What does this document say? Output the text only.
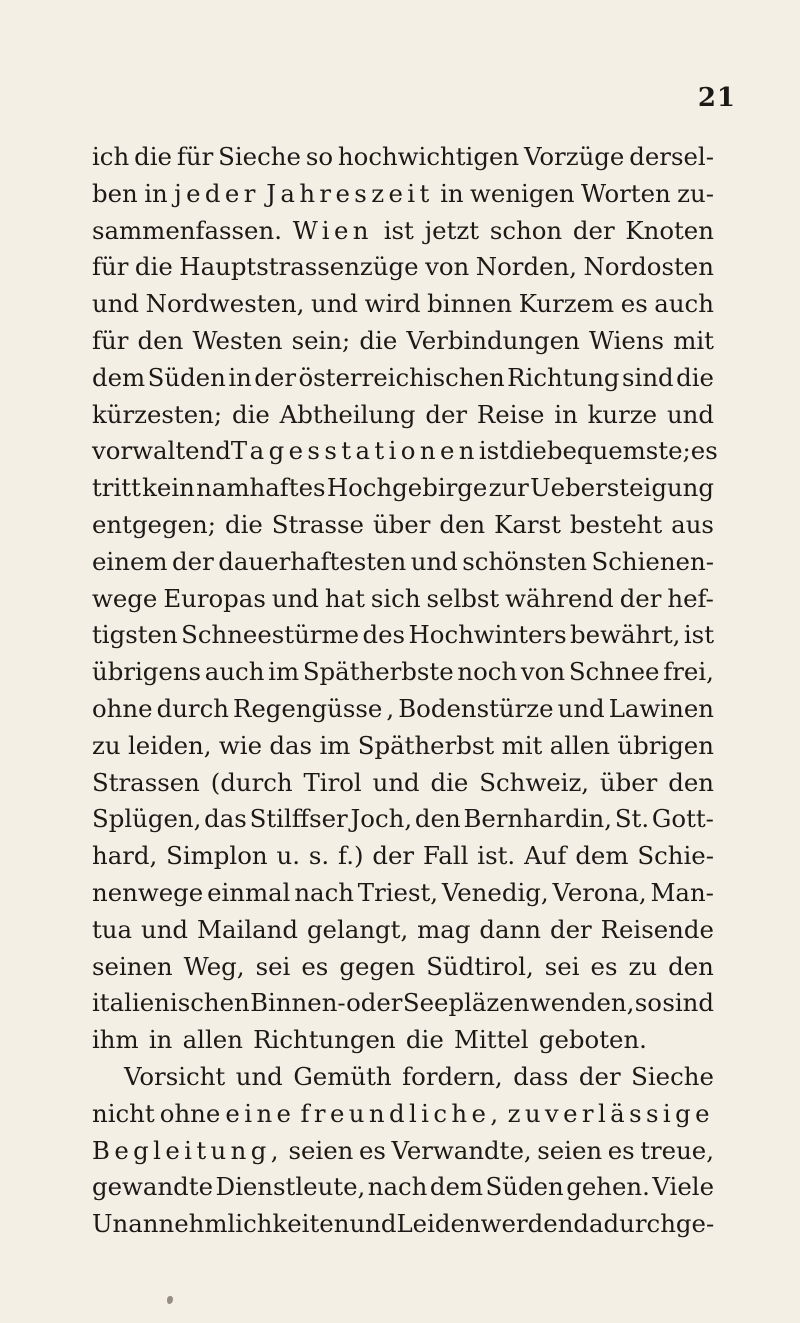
21
ich die für Sieche so hochwichtigen Vorzüge dersel-
ben in jeder Jahreszeit in wenigen Worten zu-
sammenfassen. Wien ist jetzt schon der Knoten
für die Hauptstrassenzüge von Norden, Nordosten
und Nordwesten, und wird binnen Kurzem es auch
für den Westen sein; die Verbindungen Wiens mit
dem Süden in der österreichischen Richtung sind die
kürzesten; die Abtheilung der Reise in kurze und
vorwaltend Tagesstationen ist die bequemste; es
tritt kein namhaftes Hochgebirge zur Uebersteigung
entgegen; die Strasse über den Karst besteht aus
einem der dauerhaftesten und schönsten Schienen-
wege Europas und hat sich selbst während der hef-
tigsten Schneestürme des Hochwinters bewährt, ist
übrigens auch im Spätherbste noch von Schnee frei,
ohne durch Regengüsse , Bodenstürze und Lawinen
zu leiden, wie das im Spätherbst mit allen übrigen
Strassen (durch Tirol und die Schweiz, über den
Splügen, das Stilffser Joch, den Bernhardin, St. Gott-
hard, Simplon u. s. f.) der Fall ist. Auf dem Schie-
nenwege einmal nach Triest, Venedig, Verona, Man-
tua und Mailand gelangt, mag dann der Reisende
seinen Weg, sei es gegen Südtirol, sei es zu den
italienischen Binnen- oder Seepläzen wenden, so sind
ihm in allen Richtungen die Mittel geboten.
Vorsicht und Gemüth fordern, dass der Sieche
nicht ohne eine freundliche, zuverlässige
Begleitung, seien es Verwandte, seien es treue,
gewandte Dienstleute, nach dem Süden gehen. Viele
Unannehmlichkeiten und Leiden werden dadurch ge-
